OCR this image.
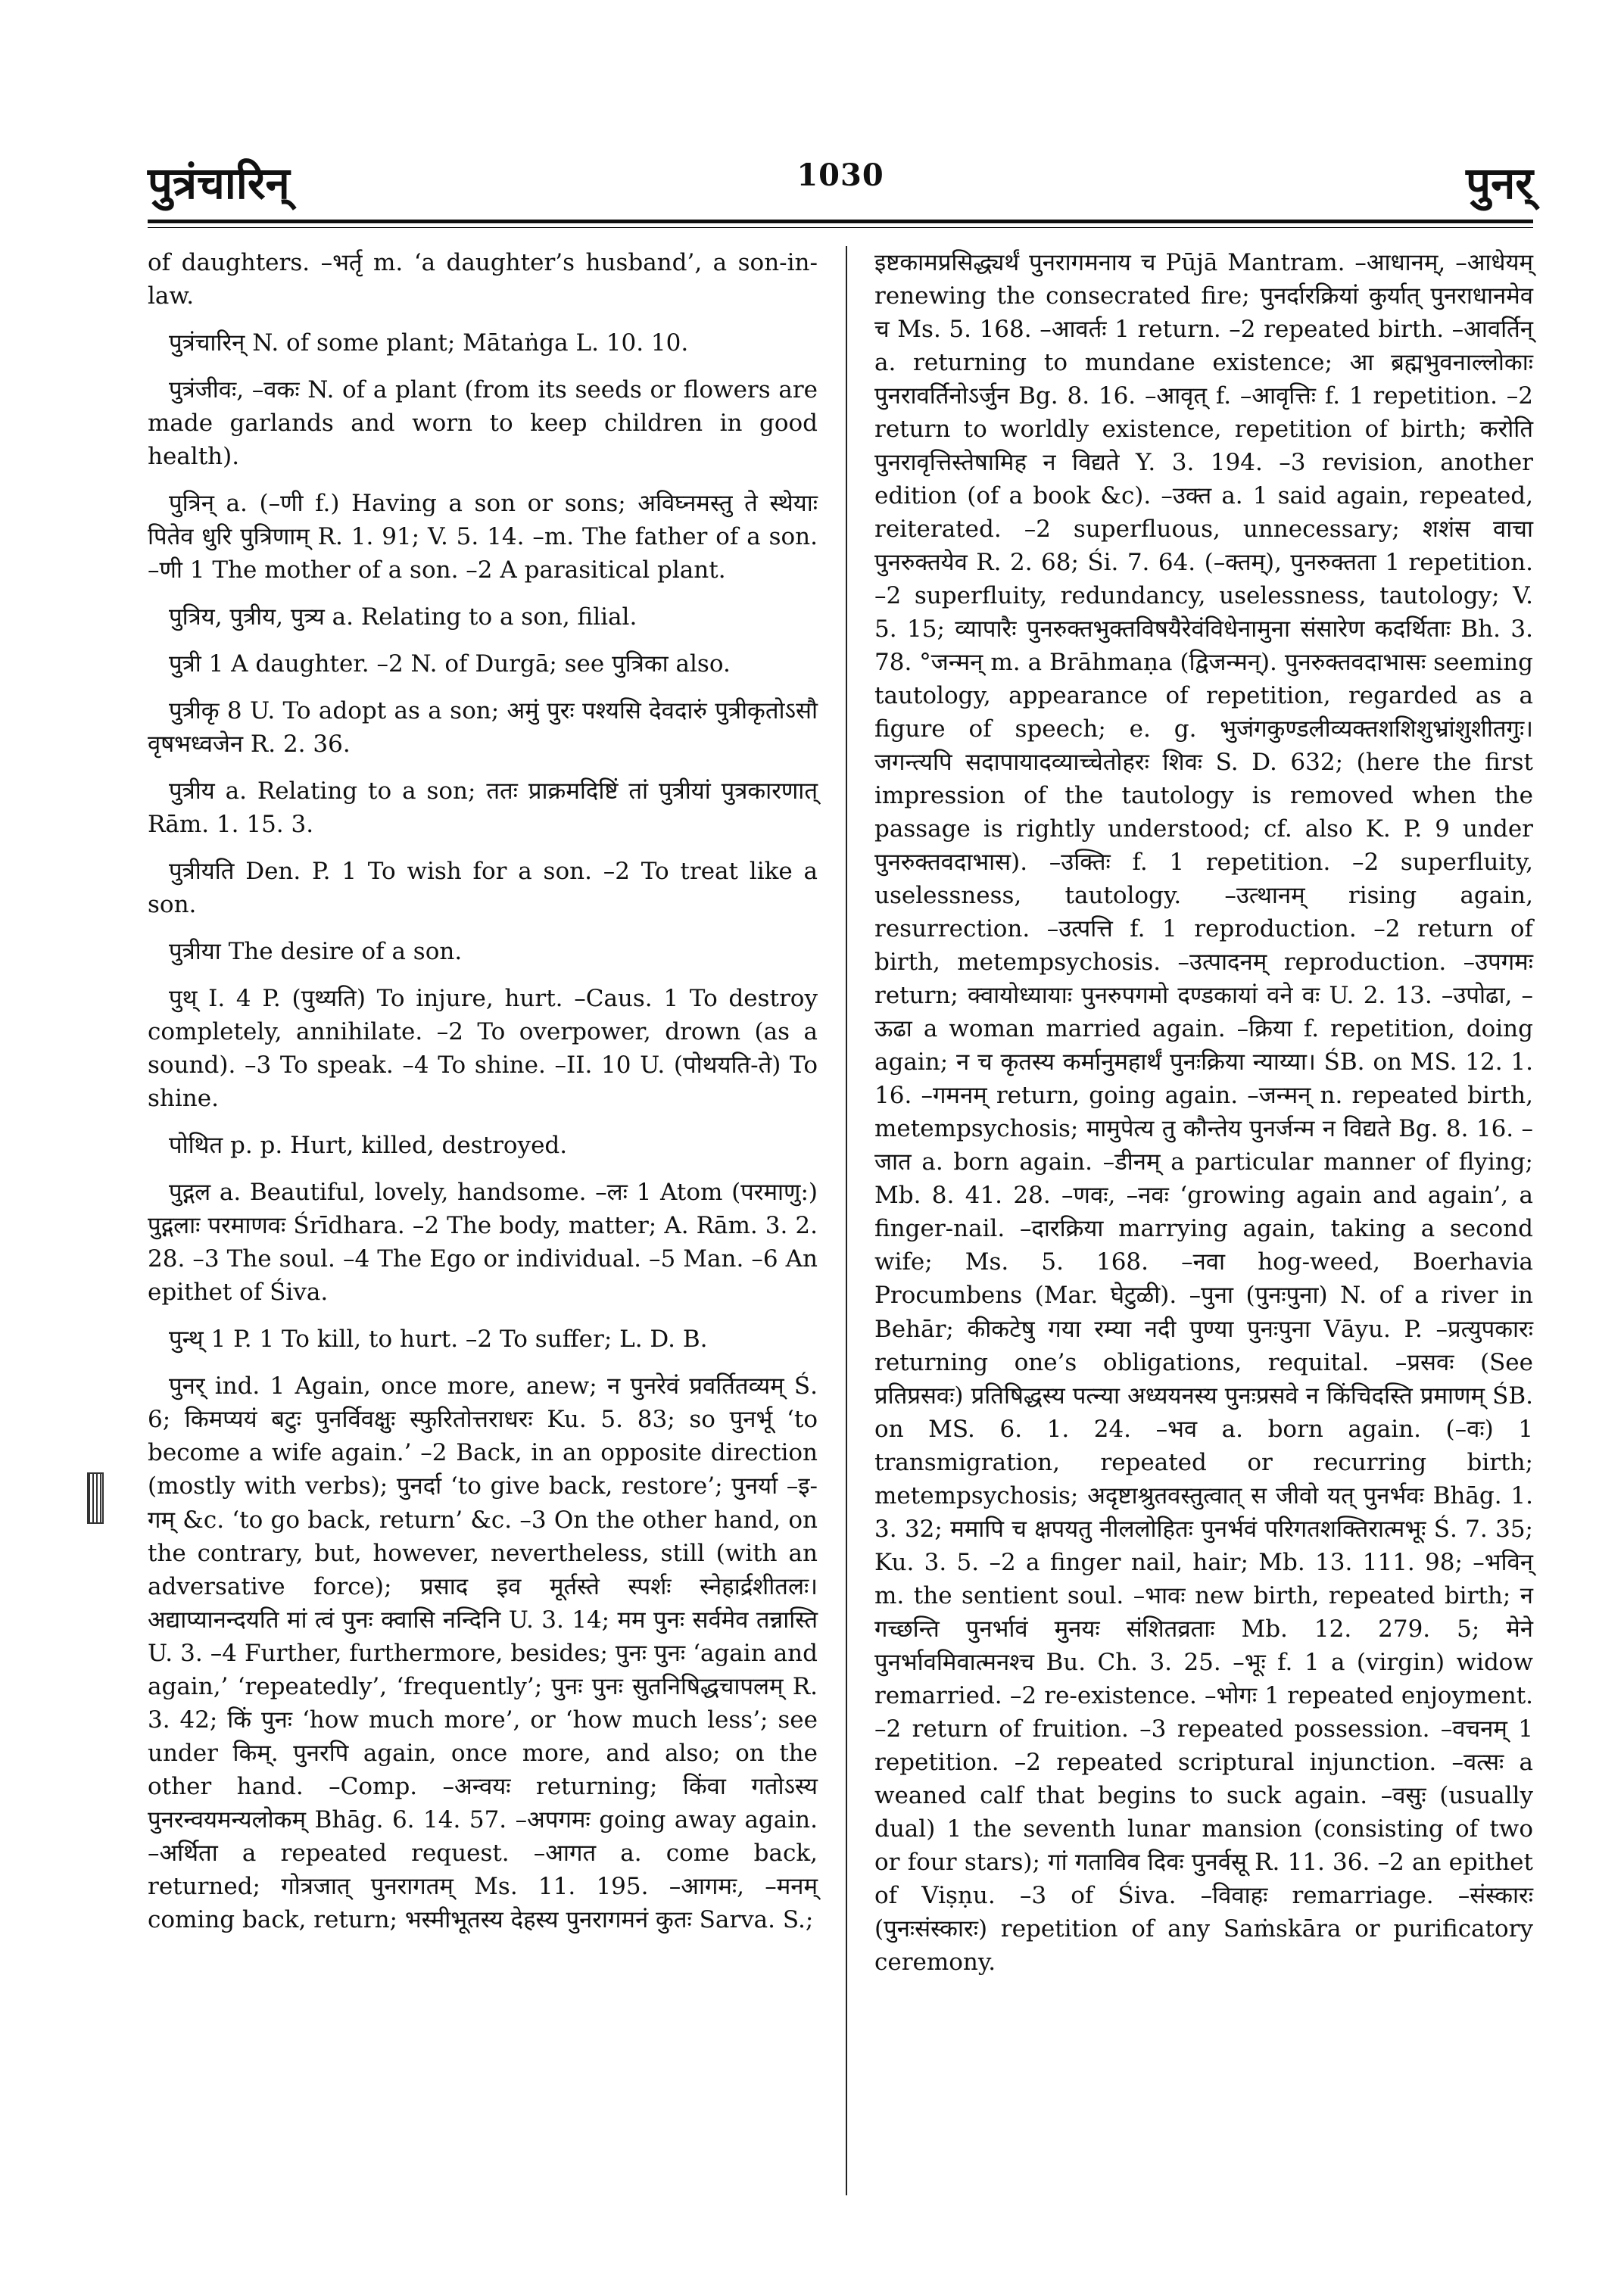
पुत्रंचारिन्	1030	पुनर्

of daughters. –भर्तृ m. ‘a daughter’s husband’, a son-in-law.

पुत्रंचारिन् N. of some plant; Mātaṅga L. 10. 10.

पुत्रंजीवः, –वकः N. of a plant (from its seeds or flowers are made garlands and worn to keep children in good health).

पुत्रिन् a. (–णी f.) Having a son or sons; अविघ्नमस्तु ते स्थेयाः पितेव धुरि पुत्रिणाम् R. 1. 91; V. 5. 14. –m. The father of a son. –णी 1 The mother of a son. –2 A parasitical plant.

पुत्रिय, पुत्रीय, पुत्र्य a. Relating to a son, filial.

पुत्री 1 A daughter. –2 N. of Durgā; see पुत्रिका also.

पुत्रीकृ 8 U. To adopt as a son; अमुं पुरः पश्यसि देवदारुं पुत्रीकृतोऽसौ वृषभध्वजेन R. 2. 36.

पुत्रीय a. Relating to a son; ततः प्राक्रमदिष्टिं तां पुत्रीयां पुत्रकारणात् Rām. 1. 15. 3.

पुत्रीयति Den. P. 1 To wish for a son. –2 To treat like a son.

पुत्रीया The desire of a son.

पुथ् I. 4 P. (पुथ्यति) To injure, hurt. –Caus. 1 To destroy completely, annihilate. –2 To overpower, drown (as a sound). –3 To speak. –4 To shine. –II. 10 U. (पोथयति-ते) To shine.

पोथित p. p. Hurt, killed, destroyed.

पुद्गल a. Beautiful, lovely, handsome. –लः 1 Atom (परमाणु:) पुद्गलाः परमाणवः Śrīdhara. –2 The body, matter; A. Rām. 3. 2. 28. –3 The soul. –4 The Ego or individual. –5 Man. –6 An epithet of Śiva.

पुन्थ् 1 P. 1 To kill, to hurt. –2 To suffer; L. D. B.

पुनर् ind. 1 Again, once more, anew; न पुनरेवं प्रवर्तितव्यम् Ś. 6; किमप्ययं बटुः पुनर्विवक्षुः स्फुरितोत्तराधरः Ku. 5. 83; so पुनर्भू ‘to become a wife again.’ –2 Back, in an opposite direction (mostly with verbs); पुनर्दा ‘to give back, restore’; पुनर्या –इ-गम् &c. ‘to go back, return’ &c. –3 On the other hand, on the contrary, but, however, nevertheless, still (with an adversative force); प्रसाद इव मूर्तस्ते स्पर्शः स्नेहार्द्रशीतलः। अद्याप्यानन्दयति मां त्वं पुनः क्वासि नन्दिनि U. 3. 14; मम पुनः सर्वमेव तन्नास्ति U. 3. –4 Further, furthermore, besides; पुनः पुनः ‘again and again,’ ‘repeatedly’, ‘frequently’; पुनः पुनः सुतनिषिद्धचापलम् R. 3. 42; किं पुनः ‘how much more’, or ‘how much less’; see under किम्. पुनरपि again, once more, and also; on the other hand. –Comp. –अन्वयः returning; किंवा गतोऽस्य पुनरन्वयमन्यलोकम् Bhāg. 6. 14. 57. –अपगमः going away again. –अर्थिता a repeated request. –आगत a. come back, returned; गोत्रजात् पुनरागतम् Ms. 11. 195. –आगमः, –मनम् coming back, return; भस्मीभूतस्य देहस्य पुनरागमनं कुतः Sarva. S.;

इष्टकामप्रसिद्ध्यर्थं पुनरागमनाय च Pūjā Mantram. –आधानम्, –आधेयम् renewing the consecrated fire; पुनर्दारक्रियां कुर्यात् पुनराधानमेव च Ms. 5. 168. –आवर्तः 1 return. –2 repeated birth. –आवर्तिन् a. returning to mundane existence; आ ब्रह्मभुवनाल्लोकाः पुनरावर्तिनोऽर्जुन Bg. 8. 16. –आवृत् f. –आवृत्तिः f. 1 repetition. –2 return to worldly existence, repetition of birth; करोति पुनरावृत्तिस्तेषामिह न विद्यते Y. 3. 194. –3 revision, another edition (of a book &c). –उक्त a. 1 said again, repeated, reiterated. –2 superfluous, unnecessary; शशंस वाचा पुनरुक्तयेव R. 2. 68; Śi. 7. 64. (–क्तम्), पुनरुक्तता 1 repetition. –2 superfluity, redundancy, uselessness, tautology; V. 5. 15; व्यापारैः पुनरुक्तभुक्तविषयैरेवंविधेनामुना संसारेण कदर्थिताः Bh. 3. 78. °जन्मन् m. a Brāhmaṇa (द्विजन्मन्). पुनरुक्तवदाभासः seeming tautology, appearance of repetition, regarded as a figure of speech; e. g. भुजंगकुण्डलीव्यक्तशशिशुभ्रांशुशीतगुः। जगन्त्यपि सदापायादव्याच्चेतोहरः शिवः S. D. 632; (here the first impression of the tautology is removed when the passage is rightly understood; cf. also K. P. 9 under पुनरुक्तवदाभास). –उक्तिः f. 1 repetition. –2 superfluity, uselessness, tautology. –उत्थानम् rising again, resurrection. –उत्पत्ति f. 1 reproduction. –2 return of birth, metempsychosis. –उत्पादनम् reproduction. –उपगमः return; क्वायोध्यायाः पुनरुपगमो दण्डकायां वने वः U. 2. 13. –उपोढा, –ऊढा a woman married again. –क्रिया f. repetition, doing again; न च कृतस्य कर्मानुमहार्थं पुनःक्रिया न्याय्या। ŚB. on MS. 12. 1. 16. –गमनम् return, going again. –जन्मन् n. repeated birth, metempsychosis; मामुपेत्य तु कौन्तेय पुनर्जन्म न विद्यते Bg. 8. 16. –जात a. born again. –डीनम् a particular manner of flying; Mb. 8. 41. 28. –णवः, –नवः ‘growing again and again’, a finger-nail. –दारक्रिया marrying again, taking a second wife; Ms. 5. 168. –नवा hog-weed, Boerhavia Procumbens (Mar. घेटुळी). –पुना (पुनःपुना) N. of a river in Behār; कीकटेषु गया रम्या नदी पुण्या पुनःपुना Vāyu. P. –प्रत्युपकारः returning one’s obligations, requital. –प्रसवः (See प्रतिप्रसवः) प्रतिषिद्धस्य पत्न्या अध्ययनस्य पुनःप्रसवे न किंचिदस्ति प्रमाणम् ŚB. on MS. 6. 1. 24. –भव a. born again. (–वः) 1 transmigration, repeated or recurring birth; metempsychosis; अदृष्टाश्रुतवस्तुत्वात् स जीवो यत् पुनर्भवः Bhāg. 1. 3. 32; ममापि च क्षपयतु नीललोहितः पुनर्भवं परिगतशक्तिरात्मभूः Ś. 7. 35; Ku. 3. 5. –2 a finger nail, hair; Mb. 13. 111. 98; –भविन् m. the sentient soul. –भावः new birth, repeated birth; न गच्छन्ति पुनर्भावं मुनयः संशितव्रताः Mb. 12. 279. 5; मेने पुनर्भावमिवात्मनश्च Bu. Ch. 3. 25. –भूः f. 1 a (virgin) widow remarried. –2 re-existence. –भोगः 1 repeated enjoyment. –2 return of fruition. –3 repeated possession. –वचनम् 1 repetition. –2 repeated scriptural injunction. –वत्सः a weaned calf that begins to suck again. –वसुः (usually dual) 1 the seventh lunar mansion (consisting of two or four stars); गां गताविव दिवः पुनर्वसू R. 11. 36. –2 an epithet of Viṣṇu. –3 of Śiva. –विवाहः remarriage. –संस्कारः (पुनःसंस्कारः) repetition of any Saṁskāra or purificatory ceremony.
